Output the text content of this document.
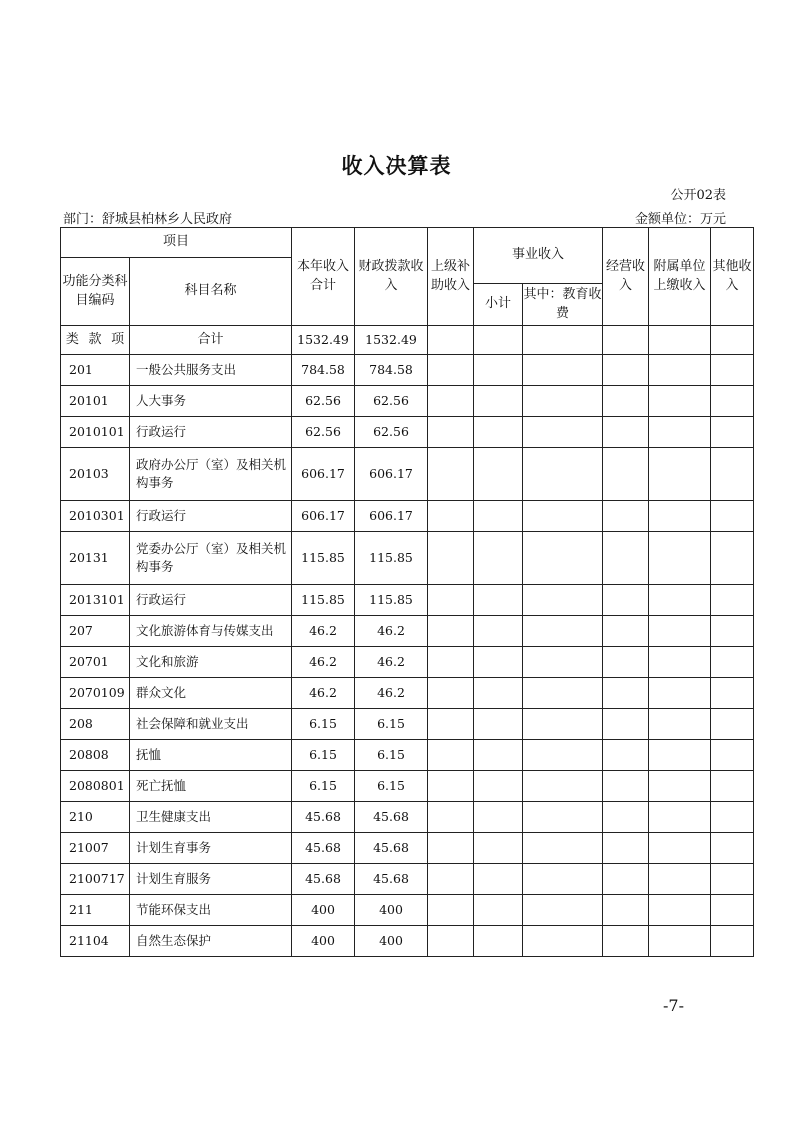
收入决算表
公开02表
部门：舒城县柏林乡人民政府	金额单位：万元
项目		本年收入合计	财政拨款收入	上级补助收入	事业收入		经营收入	附属单位上缴收入	其他收入
功能分类科目编码	科目名称								
					小计	其中：教育收费			

类 款 项	合计	1532.49	1532.49						
201	一般公共服务支出	784.58	784.58						
20101	人大事务	62.56	62.56						
2010101	行政运行	62.56	62.56						
20103	政府办公厅（室）及相关机构事务	606.17	606.17						
2010301	行政运行	606.17	606.17						
20131	党委办公厅（室）及相关机构事务	115.85	115.85						
2013101	行政运行	115.85	115.85						
207	文化旅游体育与传媒支出	46.2	46.2						
20701	文化和旅游	46.2	46.2						
2070109	群众文化	46.2	46.2						
208	社会保障和就业支出	6.15	6.15						
20808	抚恤	6.15	6.15						
2080801	死亡抚恤	6.15	6.15						
210	卫生健康支出	45.68	45.68						
21007	计划生育事务	45.68	45.68						
2100717	计划生育服务	45.68	45.68						
211	节能环保支出	400	400						
21104	自然生态保护	400	400						
-7-
